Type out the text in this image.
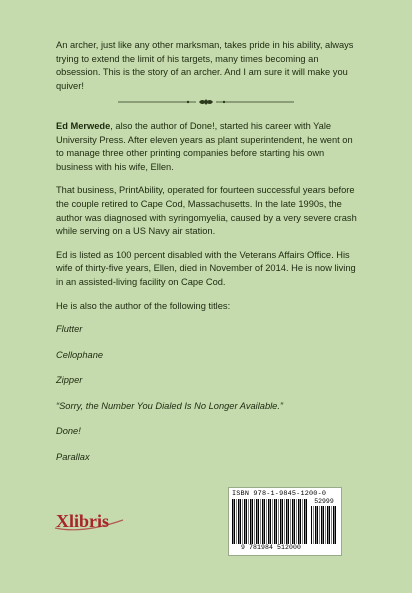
An archer, just like any other marksman, takes pride in his ability, always trying to extend the limit of his targets, many times becoming an obsession. This is the story of an archer. And I am sure it will make you quiver!

Ed Merwede, also the author of Done!, started his career with Yale University Press. After eleven years as plant superintendent, he went on to manage three other printing companies before starting his own business with his wife, Ellen.

That business, PrintAbility, operated for fourteen successful years before the couple retired to Cape Cod, Massachusetts. In the late 1990s, the author was diagnosed with syringomyelia, caused by a very severe crash while serving on a US Navy air station.

Ed is listed as 100 percent disabled with the Veterans Affairs Office. His wife of thirty-five years, Ellen, died in November of 2014. He is now living in an assisted-living facility on Cape Cod.

He is also the author of the following titles:

Flutter
Cellophane
Zipper
“Sorry, the Number You Dialed Is No Longer Available.”
Done!
Parallax
Xlibris
ISBN 978-1-9845-1200-0
52999
9 781984 512000
